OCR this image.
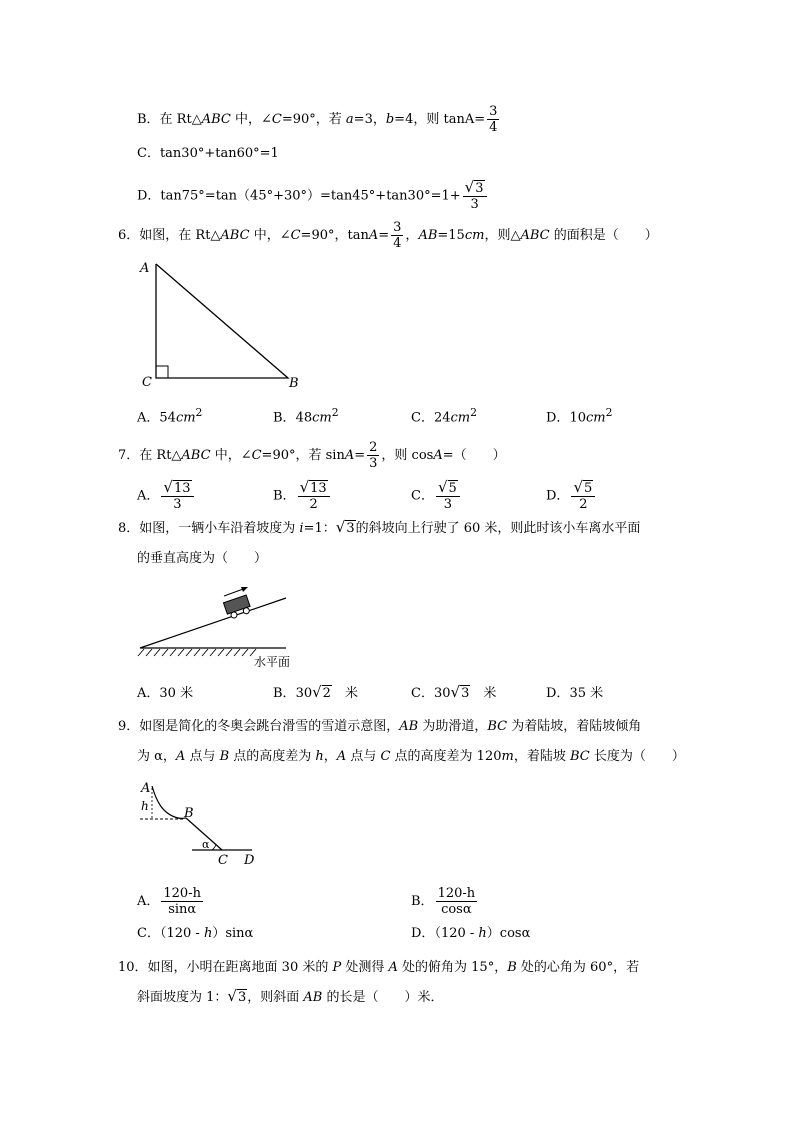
B．在 Rt△ABC 中，∠C=90°，若 a=3，b=4，则 $\tan A= \frac{3}{4}$
C．tan30°+tan60°=1
D．$\tan 75^\circ=\tan(45^\circ+30^\circ)=\tan 45^\circ+\tan 30^\circ=1+ \frac{√ 3}{3}$
6．如图，在 Rt△ABC 中，∠C=90°，$\tan A= \frac{3}{4}$ ，AB=15cm，则△ABC 的面积是（　　）
A
C	B
A．$54cm^2$	B．$48cm^2$	C．$24cm^2$	D．$10cm^2$
7．在 Rt△ABC 中，∠C=90°，若 $\sin A= \frac{2}{3}$ ，则 cosA=（　　）
A． $\frac{√ 13}{3}$	B． $\frac{√ 13}{2}$	C． $\frac{√ 5}{3}$	D． $\frac{√ 5}{2}$
8．如图，一辆小车沿着坡度为 i=1： √ 3 的斜坡向上行驶了 60 米，则此时该小车离水平面
的垂直高度为（　　）
水平面
A．30 米	B．30 √ 2 　米	C．30 √ 3 　米	D．35 米
9．如图是简化的冬奥会跳台滑雪的雪道示意图，AB 为助滑道，BC 为着陆坡，着陆坡倾角
为 α，A 点与 B 点的高度差为 h，A 点与 C 点的高度差为 120m，着陆坡 BC 长度为（　　）
A
h	B
α
C D
A． $\frac{120-h}{\sin\alpha}$	B． $\frac{120-h}{\cos\alpha}$
C．（120 - h）sinα	D．（120 - h）cosα
10．如图，小明在距离地面 30 米的 P 处测得 A 处的俯角为 15°，B 处的心角为 60°，若
斜面坡度为 1： √ 3 ，则斜面 AB 的长是（　　）米．
